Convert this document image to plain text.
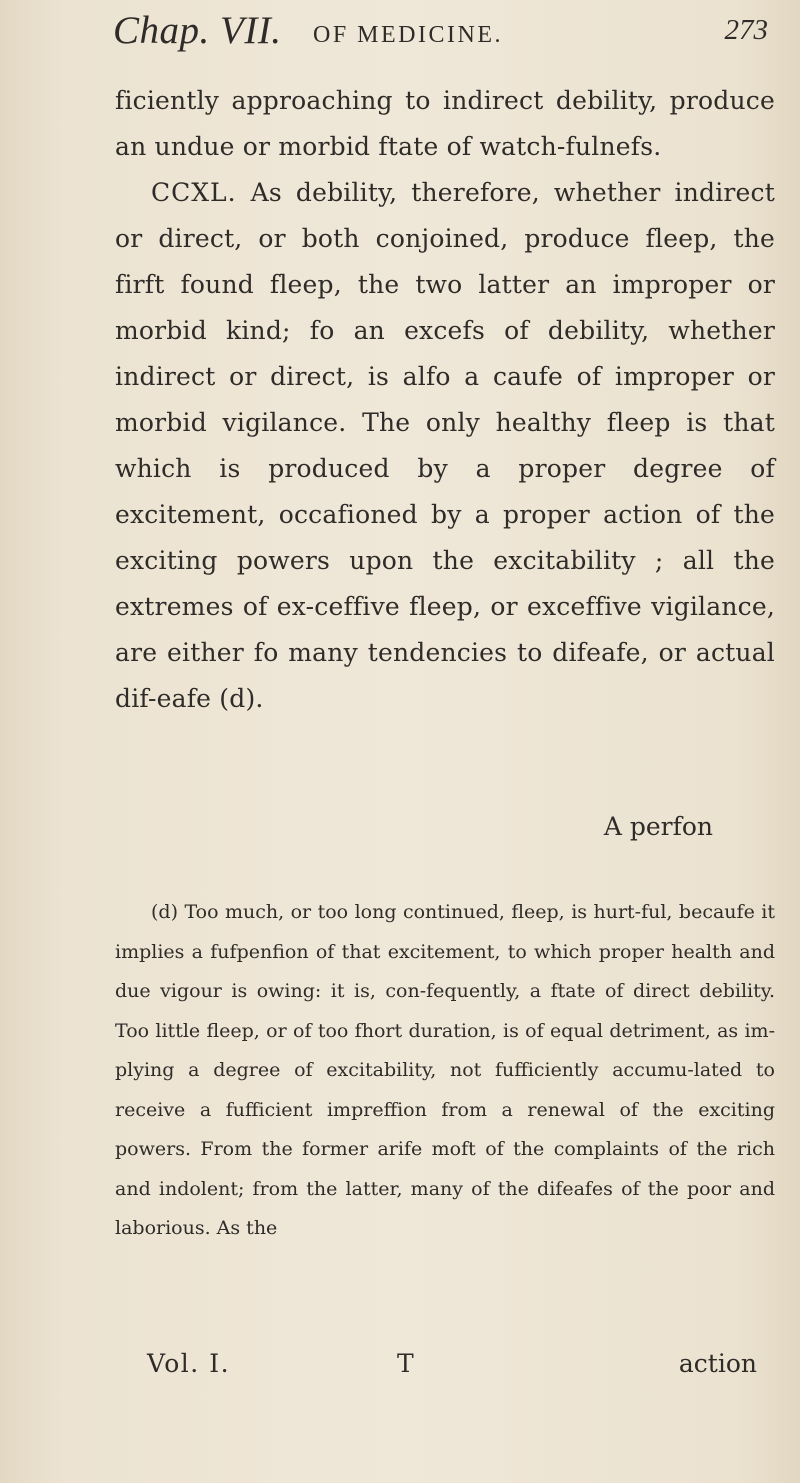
Chap. VII. OF MEDICINE.	273

ficiently approaching to indirect debility, produce an undue or morbid ftate of watch-fulnefs.

CCXL. As debility, therefore, whether indirect or direct, or both conjoined, produce fleep, the firft found fleep, the two latter an improper or morbid kind; fo an excefs of debility, whether indirect or direct, is alfo a caufe of improper or morbid vigilance. The only healthy fleep is that which is produced by a proper degree of excitement, occafioned by a proper action of the exciting powers upon the excitability ; all the extremes of ex-ceffive fleep, or exceffive vigilance, are either fo many tendencies to difeafe, or actual dif-eafe (d).

A perfon

(d) Too much, or too long continued, fleep, is hurt-ful, becaufe it implies a fufpenfion of that excitement, to which proper health and due vigour is owing: it is, con-fequently, a ftate of direct debility. Too little fleep, or of too fhort duration, is of equal detriment, as im-plying a degree of excitability, not fufficiently accumu-lated to receive a fufficient impreffion from a renewal of the exciting powers. From the former arife moft of the complaints of the rich and indolent; from the latter, many of the difeafes of the poor and laborious. As the

Vol. I.	T	action
